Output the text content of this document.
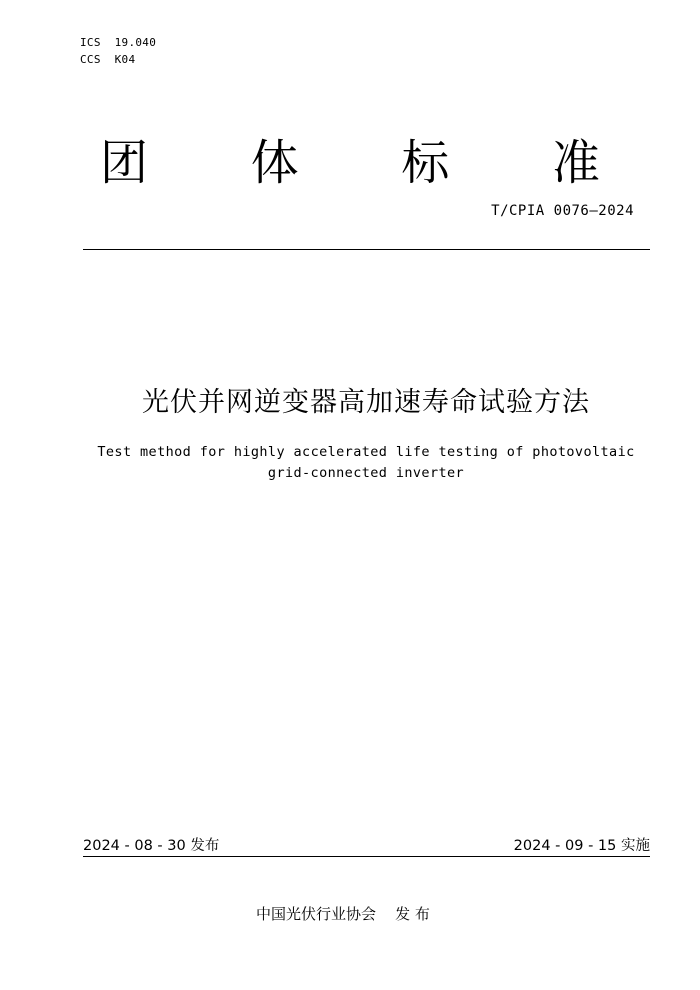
ICS  19.040
CCS  K04
团 体 标 准
T/CPIA 0076—2024
光伏并网逆变器高加速寿命试验方法
Test method for highly accelerated life testing of photovoltaic
grid-connected inverter
2024 - 08 - 30 发布	2024 - 09 - 15 实施
中国光伏行业协会    发 布
